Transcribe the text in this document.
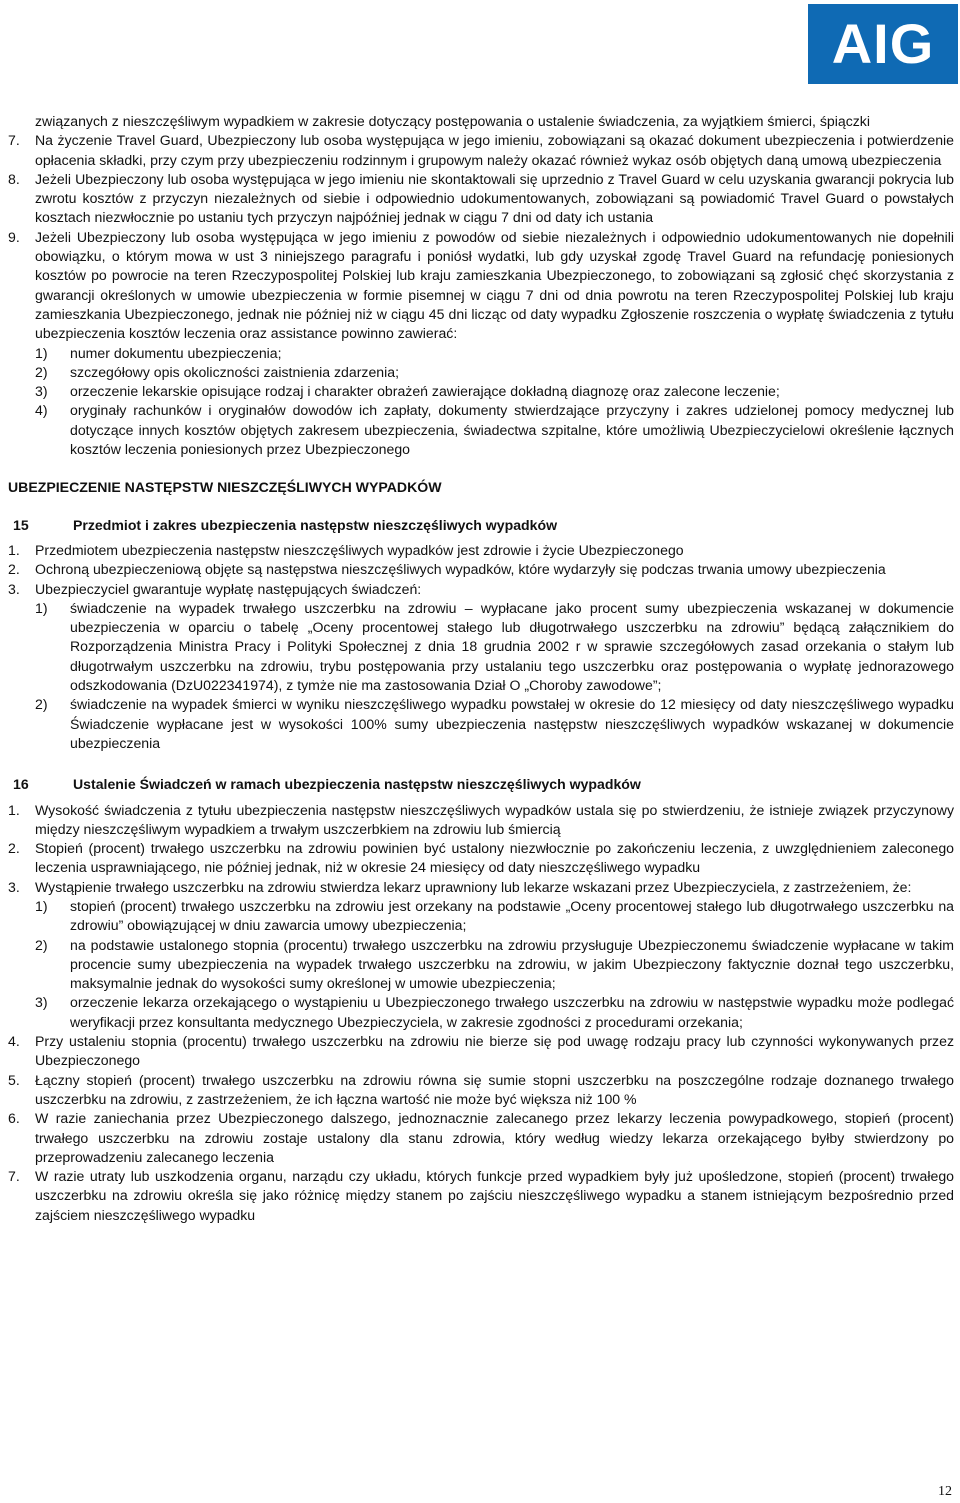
AIG
związanych z nieszczęśliwym wypadkiem w zakresie dotyczący postępowania o ustalenie świadczenia, za wyjątkiem śmierci, śpiączki
7.	Na życzenie Travel Guard, Ubezpieczony lub osoba występująca w jego imieniu, zobowiązani są okazać dokument ubezpieczenia i potwierdzenie opłacenia składki, przy czym przy ubezpieczeniu rodzinnym i grupowym należy okazać również wykaz osób objętych daną umową ubezpieczenia
8.	Jeżeli Ubezpieczony lub osoba występująca w jego imieniu nie skontaktowali się uprzednio z Travel Guard w celu uzyskania gwarancji pokrycia lub zwrotu kosztów z przyczyn niezależnych od siebie i odpowiednio udokumentowanych, zobowiązani są powiadomić Travel Guard o powstałych kosztach niezwłocznie po ustaniu tych przyczyn najpóźniej jednak w ciągu 7 dni od daty ich ustania
9.	Jeżeli Ubezpieczony lub osoba występująca w jego imieniu z powodów od siebie niezależnych i odpowiednio udokumentowanych nie dopełnili obowiązku, o którym mowa w ust 3 niniejszego paragrafu i poniósł wydatki, lub gdy uzyskał zgodę Travel Guard na refundację poniesionych kosztów po powrocie na teren Rzeczypospolitej Polskiej lub kraju zamieszkania Ubezpieczonego, to zobowiązani są zgłosić chęć skorzystania z gwarancji określonych w umowie ubezpieczenia w formie pisemnej w ciągu 7 dni od dnia powrotu na teren Rzeczypospolitej Polskiej lub kraju zamieszkania Ubezpieczonego, jednak nie później niż w ciągu 45 dni licząc od daty wypadku Zgłoszenie roszczenia o wypłatę świadczenia z tytułu ubezpieczenia kosztów leczenia oraz assistance powinno zawierać:
1)	numer dokumentu ubezpieczenia;
2)	szczegółowy opis okoliczności zaistnienia zdarzenia;
3)	orzeczenie lekarskie opisujące rodzaj i charakter obrażeń zawierające dokładną diagnozę oraz zalecone leczenie;
4)	oryginały rachunków i oryginałów dowodów ich zapłaty, dokumenty stwierdzające przyczyny i zakres udzielonej pomocy medycznej lub dotyczące innych kosztów objętych zakresem ubezpieczenia, świadectwa szpitalne, które umożliwią Ubezpieczycielowi określenie łącznych kosztów leczenia poniesionych przez Ubezpieczonego
UBEZPIECZENIE NASTĘPSTW NIESZCZĘŚLIWYCH WYPADKÓW
15	Przedmiot i zakres ubezpieczenia następstw nieszczęśliwych wypadków
1.	Przedmiotem ubezpieczenia następstw nieszczęśliwych wypadków jest zdrowie i życie Ubezpieczonego
2.	Ochroną ubezpieczeniową objęte są następstwa nieszczęśliwych wypadków, które wydarzyły się podczas trwania umowy ubezpieczenia
3.	Ubezpieczyciel gwarantuje wypłatę następujących świadczeń:
1)	świadczenie na wypadek trwałego uszczerbku na zdrowiu – wypłacane jako procent sumy ubezpieczenia wskazanej w dokumencie ubezpieczenia w oparciu o tabelę „Oceny procentowej stałego lub długotrwałego uszczerbku na zdrowiu” będącą załącznikiem do Rozporządzenia Ministra Pracy i Polityki Społecznej z dnia 18 grudnia 2002 r w sprawie szczegółowych zasad orzekania o stałym lub długotrwałym uszczerbku na zdrowiu, trybu postępowania przy ustalaniu tego uszczerbku oraz postępowania o wypłatę jednorazowego odszkodowania (DzU022341974), z tymże nie ma zastosowania Dział O „Choroby zawodowe”;
2)	świadczenie na wypadek śmierci w wyniku nieszczęśliwego wypadku powstałej w okresie do 12 miesięcy od daty nieszczęśliwego wypadku Świadczenie wypłacane jest w wysokości 100% sumy ubezpieczenia następstw nieszczęśliwych wypadków wskazanej w dokumencie ubezpieczenia
16	Ustalenie Świadczeń w ramach ubezpieczenia następstw nieszczęśliwych wypadków
1.	Wysokość świadczenia z tytułu ubezpieczenia następstw nieszczęśliwych wypadków ustala się po stwierdzeniu, że istnieje związek przyczynowy między nieszczęśliwym wypadkiem a trwałym uszczerbkiem na zdrowiu lub śmiercią
2.	Stopień (procent) trwałego uszczerbku na zdrowiu powinien być ustalony niezwłocznie po zakończeniu leczenia, z uwzględnieniem zaleconego leczenia usprawniającego, nie później jednak, niż w okresie 24 miesięcy od daty nieszczęśliwego wypadku
3.	Wystąpienie trwałego uszczerbku na zdrowiu stwierdza lekarz uprawniony lub lekarze wskazani przez Ubezpieczyciela, z zastrzeżeniem, że:
1)	stopień (procent) trwałego uszczerbku na zdrowiu jest orzekany na podstawie „Oceny procentowej stałego lub długotrwałego uszczerbku na zdrowiu” obowiązującej w dniu zawarcia umowy ubezpieczenia;
2)	na podstawie ustalonego stopnia (procentu) trwałego uszczerbku na zdrowiu przysługuje Ubezpieczonemu świadczenie wypłacane w takim procencie sumy ubezpieczenia na wypadek trwałego uszczerbku na zdrowiu, w jakim Ubezpieczony faktycznie doznał tego uszczerbku, maksymalnie jednak do wysokości sumy określonej w umowie ubezpieczenia;
3)	orzeczenie lekarza orzekającego o wystąpieniu u Ubezpieczonego trwałego uszczerbku na zdrowiu w następstwie wypadku może podlegać weryfikacji przez konsultanta medycznego Ubezpieczyciela, w zakresie zgodności z procedurami orzekania;
4.	Przy ustaleniu stopnia (procentu) trwałego uszczerbku na zdrowiu nie bierze się pod uwagę rodzaju pracy lub czynności wykonywanych przez Ubezpieczonego
5.	Łączny stopień (procent) trwałego uszczerbku na zdrowiu równa się sumie stopni uszczerbku na poszczególne rodzaje doznanego trwałego uszczerbku na zdrowiu, z zastrzeżeniem, że ich łączna wartość nie może być większa niż 100 %
6.	W razie zaniechania przez Ubezpieczonego dalszego, jednoznacznie zalecanego przez lekarzy leczenia powypadkowego, stopień (procent) trwałego uszczerbku na zdrowiu zostaje ustalony dla stanu zdrowia, który według wiedzy lekarza orzekającego byłby stwierdzony po przeprowadzeniu zalecanego leczenia
7.	W razie utraty lub uszkodzenia organu, narządu czy układu, których funkcje przed wypadkiem były już upośledzone, stopień (procent) trwałego uszczerbku na zdrowiu określa się jako różnicę między stanem po zajściu nieszczęśliwego wypadku a stanem istniejącym bezpośrednio przed zajściem nieszczęśliwego wypadku
12
